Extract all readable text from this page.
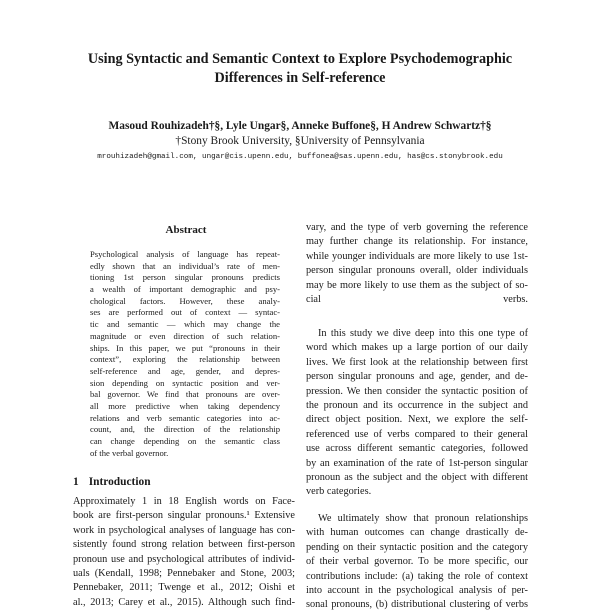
Using Syntactic and Semantic Context to Explore Psychodemographic
Differences in Self-reference
Masoud Rouhizadeh†§, Lyle Ungar§, Anneke Buffone§, H Andrew Schwartz†§
†Stony Brook University, §University of Pennsylvania
mrouhizadeh@gmail.com, ungar@cis.upenn.edu, buffonea@sas.upenn.edu, has@cs.stonybrook.edu
Abstract
Psychological analysis of language has repeat-
edly shown that an individual’s rate of men-
tioning 1st person singular pronouns predicts
a wealth of important demographic and psy-
chological factors. However, these analy-
ses are performed out of context — syntac-
tic and semantic — which may change the
magnitude or even direction of such relation-
ships. In this paper, we put “pronouns in their
context”, exploring the relationship between
self-reference and age, gender, and depres-
sion depending on syntactic position and ver-
bal governor. We find that pronouns are over-
all more predictive when taking dependency
relations and verb semantic categories into ac-
count, and, the direction of the relationship
can change depending on the semantic class
of the verbal governor.
1 Introduction
Approximately 1 in 18 English words on Face-
book are first-person singular pronouns.¹ Extensive
work in psychological analyses of language has con-
sistently found strong relation between first-person
pronoun use and psychological attributes of individ-
uals (Kendall, 1998; Pennebaker and Stone, 2003;
Pennebaker, 2011; Twenge et al., 2012; Oishi et
al., 2013; Carey et al., 2015). Although such find-
vary, and the type of verb governing the reference
may further change its relationship. For instance,
while younger individuals are more likely to use 1st-
person singular pronouns overall, older individuals
may be more likely to use them as the subject of so-
cial verbs.
In this study we dive deep into this one type of
word which makes up a large portion of our daily
lives. We first look at the relationship between first
person singular pronouns and age, gender, and de-
pression. We then consider the syntactic position of
the pronoun and its occurrence in the subject and
direct object position. Next, we explore the self-
referenced use of verbs compared to their general
use across different semantic categories, followed
by an examination of the rate of 1st-person singular
pronoun as the subject and the object with different
verb categories.
We ultimately show that pronoun relationships
with human outcomes can change drastically de-
pending on their syntactic position and the category
of their verbal governor. To be more specific, our
contributions include: (a) taking the role of context
into account in the psychological analysis of per-
sonal pronouns, (b) distributional clustering of verbs
